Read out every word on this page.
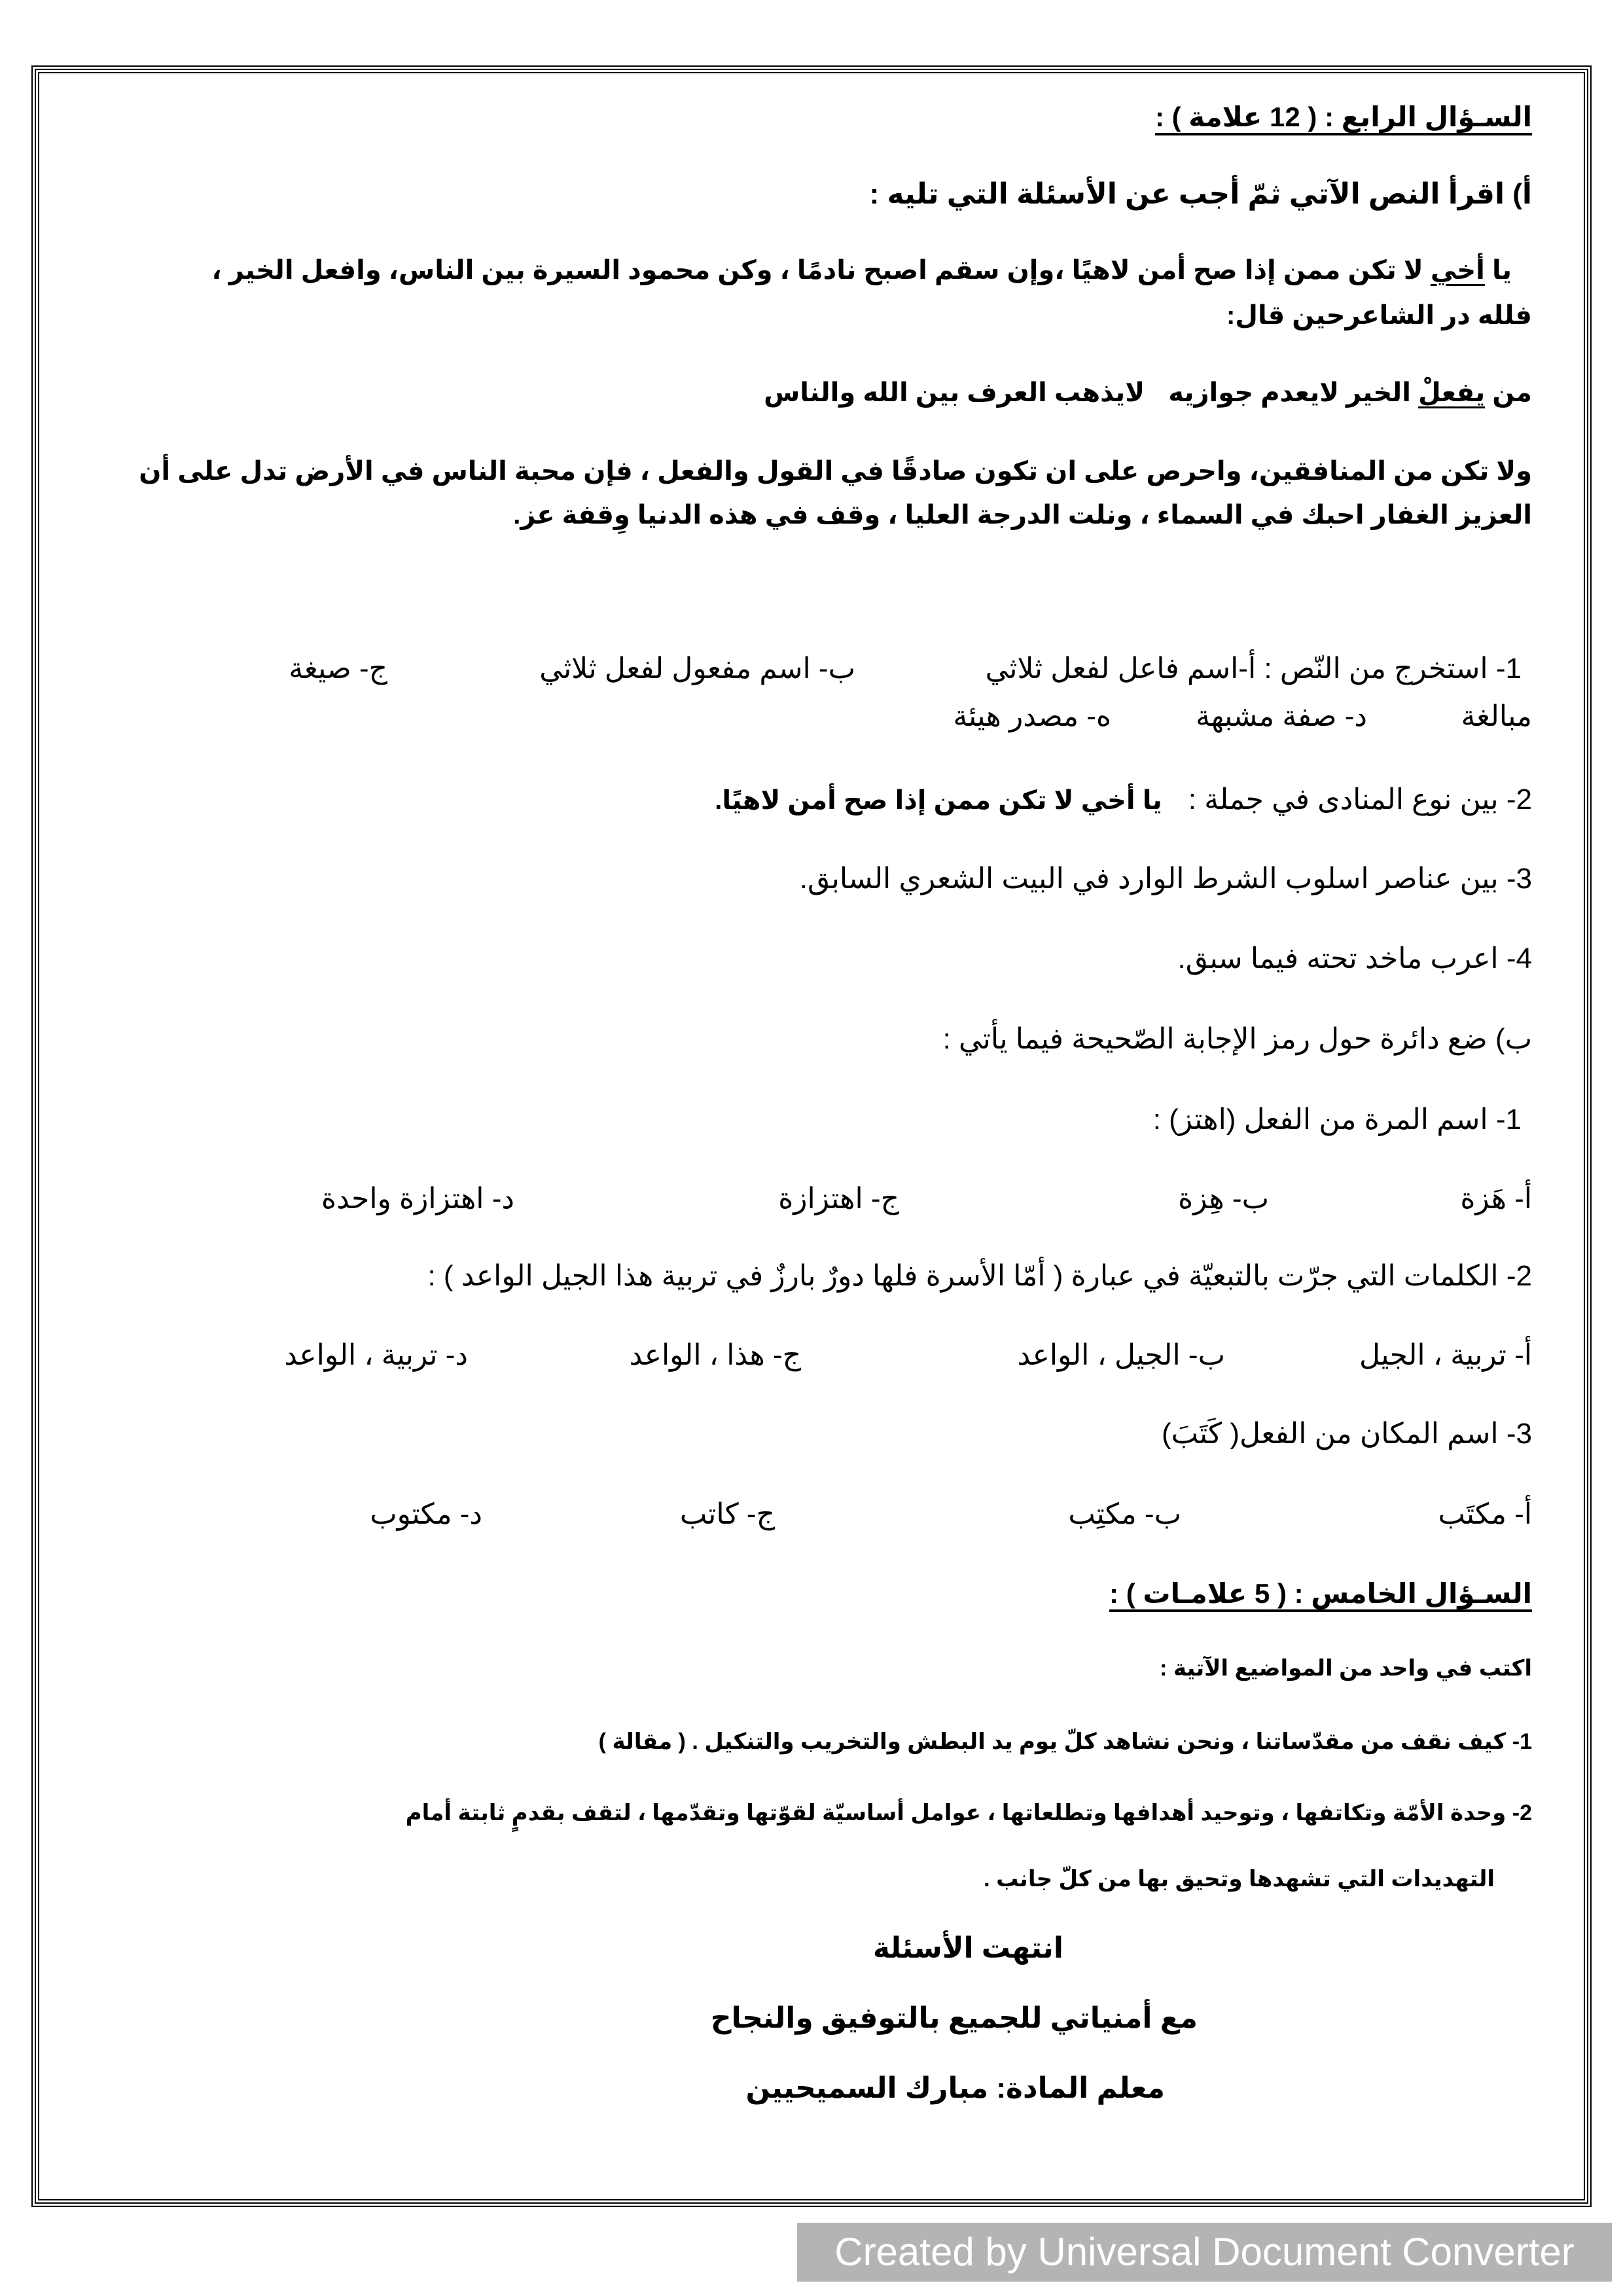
السـؤال الرابع : ( 12 علامة ) :
أ) اقرأ النص الآتي ثمّ أجب عن الأسئلة التي تليه :
يا أخي لا تكن ممن إذا صح أمن لاهيًا ،وإن سقم اصبح نادمًا ، وكن محمود السيرة بين الناس، وافعل الخير ،
فلله در الشاعرحين قال:
من يفعلْ الخير لايعدم جوازيه
لايذهب العرف بين الله والناس
ولا تكن من المنافقين، واحرص على ان تكون صادقًا في القول والفعل ، فإن محبة الناس في الأرض تدل على أن
العزيز الغفار احبك في السماء ، ونلت الدرجة العليا ، وقف في هذه الدنيا وِقفة عز.
1- استخرج من النّص : أ-اسم فاعل لفعل ثلاثي
ب- اسم مفعول لفعل ثلاثي
ج- صيغة
مبالغة
د- صفة مشبهة
ه- مصدر هيئة
2- بين نوع المنادى في جملة :يا أخي لا تكن ممن إذا صح أمن لاهيًا.
3- بين عناصر اسلوب الشرط الوارد في البيت الشعري السابق.
4- اعرب ماخد تحته فيما سبق.
ب) ضع دائرة حول رمز الإجابة الصّحيحة فيما يأتي :
1- اسم المرة من الفعل (اهتز) :
أ- هَزة
ب- هِزة
ج- اهتزازة
د- اهتزازة واحدة
2- الكلمات التي جرّت بالتبعيّة في عبارة ( أمّا الأسرة فلها دورٌ بارزٌ في تربية هذا الجيل الواعد ) :
أ- تربية ، الجيل
ب- الجيل ، الواعد
ج- هذا ، الواعد
د- تربية ، الواعد
3- اسم المكان من الفعل( كَتَبَ)
أ- مكتَب
ب- مكتِب
ج- كاتب
د- مكتوب
السـؤال الخامس : ( 5 علامـات ) :
اكتب في واحد من المواضيع الآتية :
1- كيف نقف من مقدّساتنا ، ونحن نشاهد كلّ يوم يد البطش والتخريب والتنكيل . ( مقالة )
2- وحدة الأمّة وتكاتفها ، وتوحيد أهدافها وتطلعاتها ، عوامل أساسيّة لقوّتها وتقدّمها ، لتقف بقدمٍ ثابتة أمام
التهديدات التي تشهدها وتحيق بها من كلّ جانب .
انتهت الأسئلة
مع أمنياتي للجميع بالتوفيق والنجاح
معلم المادة: مبارك السميحيين
Created by Universal Document Converter
